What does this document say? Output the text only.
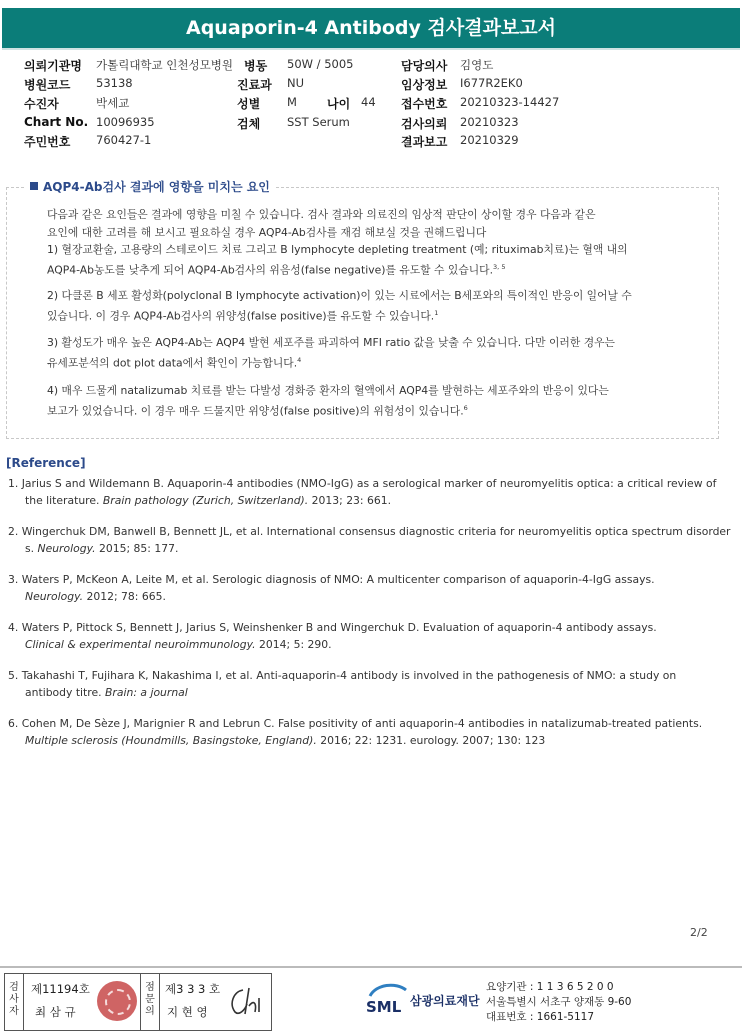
Aquaporin-4 Antibody 검사결과보고서
의뢰기관명 가톨릭대학교 인천성모병원 병동 50W / 5005	담당의사 김영도
병원코드 53138	진료과 NU	임상정보 I677R2EK0
수진자	박세교	성별 M	나이 44 접수번호 20210323-14427
Chart No. 10096935	검체 SST Serum	검사의뢰 20210323
주민번호 760427-1	결과보고 20210329
AQP4-Ab검사 결과에 영향을 미치는 요인

다음과 같은 요인들은 결과에 영향을 미칠 수 있습니다. 검사 결과와 의료진의 임상적 판단이 상이할 경우 다음과 같은

요인에 대한 고려를 해 보시고 필요하실 경우 AQP4-Ab검사를 재검 해보실 것을 권해드립니다

1) 혈장교환술, 고용량의 스테로이드 치료 그리고 B lymphocyte depleting treatment (예; rituximab치료)는 혈액 내의

AQP4-Ab농도를 낮추게 되어 AQP4-Ab검사의 위음성(false negative)를 유도할 수 있습니다.$^{3, 5}$

2) 다클론 B 세포 활성화(polyclonal B lymphocyte activation)이 있는 시료에서는 B세포와의 특이적인 반응이 일어날 수

있습니다. 이 경우 AQP4-Ab검사의 위양성(false positive)를 유도할 수 있습니다.$^1$

3) 활성도가 매우 높은 AQP4-Ab는 AQP4 발현 세포주를 파괴하여 MFI ratio 값을 낮출 수 있습니다. 다만 이러한 경우는

유세포분석의 dot plot data에서 확인이 가능합니다.$^4$

4) 매우 드물게 natalizumab 치료를 받는 다발성 경화증 환자의 혈액에서 AQP4를 발현하는 세포주와의 반응이 있다는

보고가 있었습니다. 이 경우 매우 드물지만 위양성(false positive)의 위험성이 있습니다.$^6$

[Reference]
1. Jarius S and Wildemann B. Aquaporin-4 antibodies (NMO-IgG) as a serological marker of neuromyelitis optica: a critical review of
the literature. Brain pathology (Zurich, Switzerland). 2013; 23: 661.
2. Wingerchuk DM, Banwell B, Bennett JL, et al. International consensus diagnostic criteria for neuromyelitis optica spectrum disorder
s. Neurology. 2015; 85: 177.
3. Waters P, McKeon A, Leite M, et al. Serologic diagnosis of NMO: A multicenter comparison of aquaporin-4-IgG assays.
Neurology. 2012; 78: 665.
4. Waters P, Pittock S, Bennett J, Jarius S, Weinshenker B and Wingerchuk D. Evaluation of aquaporin-4 antibody assays.
Clinical & experimental neuroimmunology. 2014; 5: 290.
5. Takahashi T, Fujihara K, Nakashima I, et al. Anti-aquaporin-4 antibody is involved in the pathogenesis of NMO: a study on
antibody titre. Brain: a journal
6. Cohen M, De Sèze J, Marignier R and Lebrun C. False positivity of anti aquaporin-4 antibodies in natalizumab-treated patients.
Multiple sclerosis (Houndmills, Basingstoke, England). 2016; 22: 1231. eurology. 2007; 130: 123
2/2
검사자
제11194호
최 삼 규
점문의
제3 3 3 호
지 현 영	SML 삼광의료재단
요양기관 : 1 1 3 6 5 2 0 0
서울특별시 서초구 양재동 9-60
대표번호 : 1661-5117
